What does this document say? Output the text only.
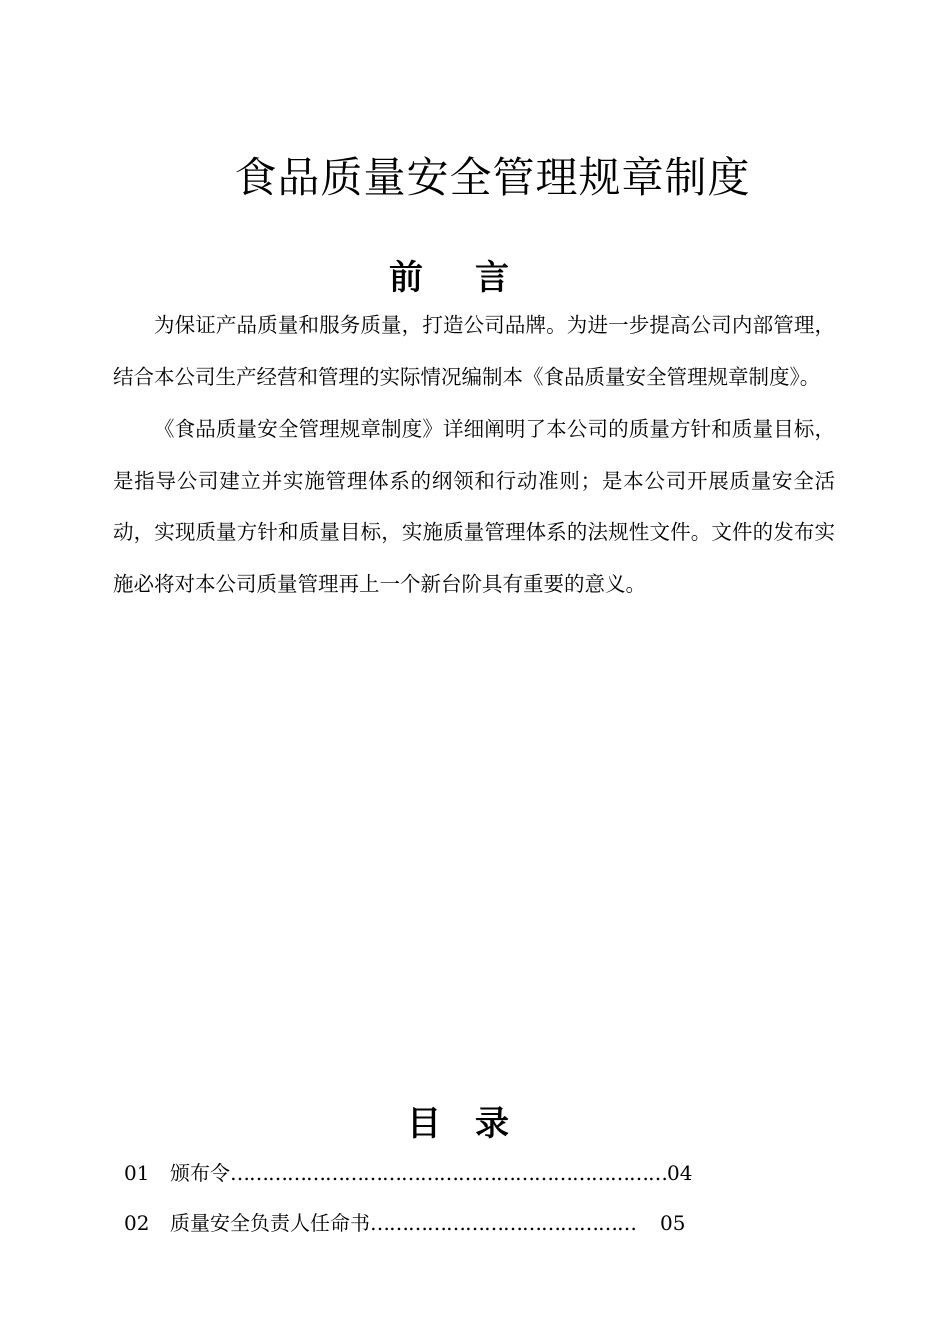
食品质量安全管理规章制度
前言

为保证产品质量和服务质量，打造公司品牌。为进一步提高公司内部管理，结合本公司生产经营和管理的实际情况编制本《食品质量安全管理规章制度》。

《食品质量安全管理规章制度》详细阐明了本公司的质量方针和质量目标，是指导公司建立并实施管理体系的纲领和行动准则；是本公司开展质量安全活动，实现质量方针和质量目标，实施质量管理体系的法规性文件。文件的发布实施必将对本公司质量管理再上一个新台阶具有重要的意义。

目录
01	颁布令 …………………………………………………………… 04
02	质量安全负责人任命书 …………………………………… 05
